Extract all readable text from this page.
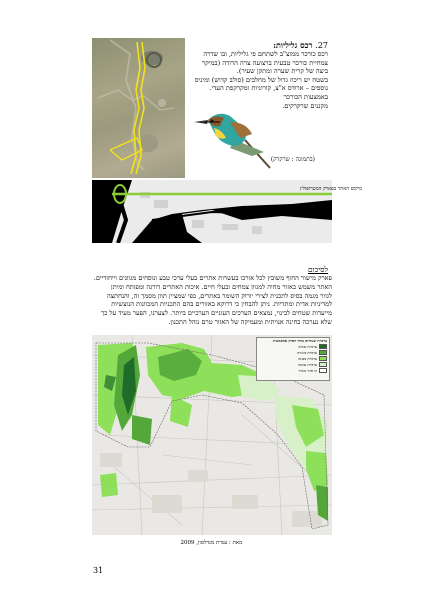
27. רכס גליליות:
רכס כורכר ממוצ"ב לשתחם פי גליליות, ובו שדרה
צמחיית כורכר טבעית ברצועה צרה הרודה (במיקר
ביצה של קרית שערה ומתקן שעיר).
בשטח יש ריכוז גדול של מחלבים (סולב קדוש) ומיניס
נוספים – ארודס א"צ, קורוניות ומקרקפת העדי.
באמצעות הכורכר
מקננים שרקרקים.
(בתמונה : שרקרק)
מיקום האתר בפארק המטרופולין
לסיכום
פארק מישור החוף משובץ לכל אורכו בעשרות אתרים בעלי ערכי טבע ונוסחים מגוונים וייחודיים.
האתר משמש כאזור מחיה למגוון צמחים ובעלי חיים. איכות האתרים דורגה ומפותח ומיתן
לגוור מגמה בסיס לתכנית לצירי יורוק השומר באתרים, כפי שמציין תוון מסמך זה, והנחתצה
למדיניות אדית ומתדיות. ניתן להבחין כי דרוקא באזורים בהם התכניות המכוונות הנוצשיות
מייעדות שטחים לבינוי, נמצאים הערכים העוניים הערכיים ביותר. לצערנו, הפער מעיד על כך
שלא נערכה בחינה אנויתית ומעמיקה של האזור טרם נוהל התכנון.
ערכיות שטחיים בתוך הפרק אמקאשית
ערכיות גבוהה
ערכיות בינונית
ערכיות מבונה
ערכיות נמוכה
קו אזור מוגדר
מאת : עמית מגדלסון, 2009
31
